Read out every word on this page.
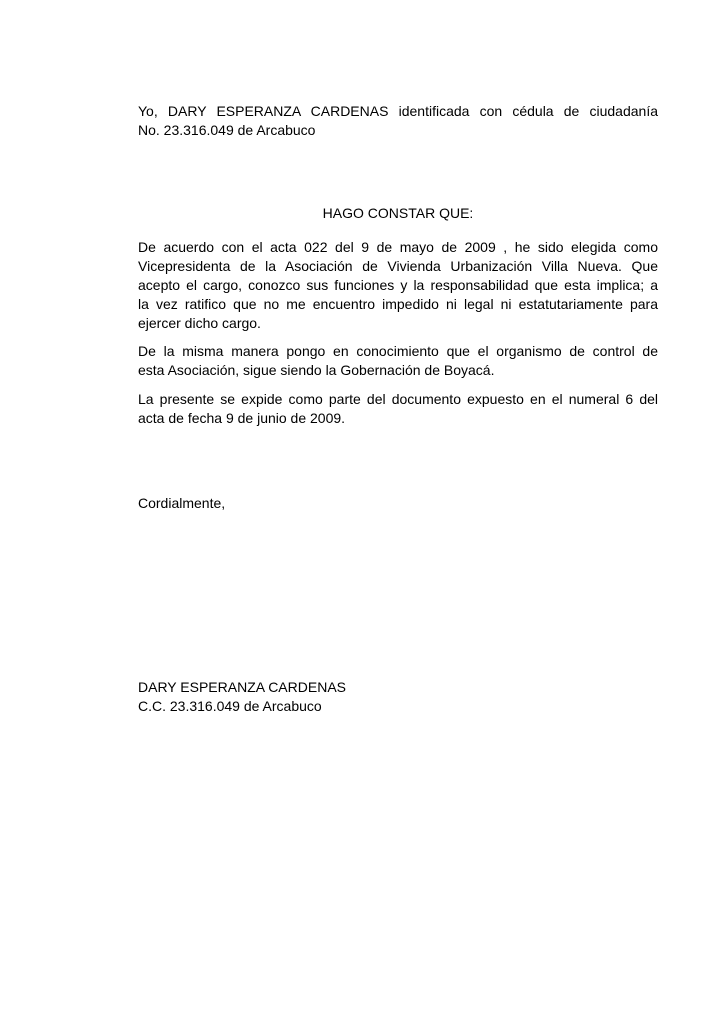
Yo, DARY ESPERANZA CARDENAS identificada con cédula de ciudadanía
No. 23.316.049 de Arcabuco
HAGO CONSTAR QUE:
De acuerdo con el acta 022 del 9 de mayo de 2009 , he sido elegida como
Vicepresidenta de la Asociación de Vivienda Urbanización Villa Nueva. Que
acepto el cargo, conozco sus funciones y la responsabilidad que esta implica; a
la vez ratifico que no me encuentro impedido ni legal ni estatutariamente para
ejercer dicho cargo.
De la misma manera pongo en conocimiento que el organismo de control de
esta Asociación, sigue siendo la Gobernación de Boyacá.
La presente se expide como parte del documento expuesto en el numeral 6 del
acta de fecha 9 de junio de 2009.
Cordialmente,
DARY ESPERANZA CARDENAS
C.C. 23.316.049 de Arcabuco
